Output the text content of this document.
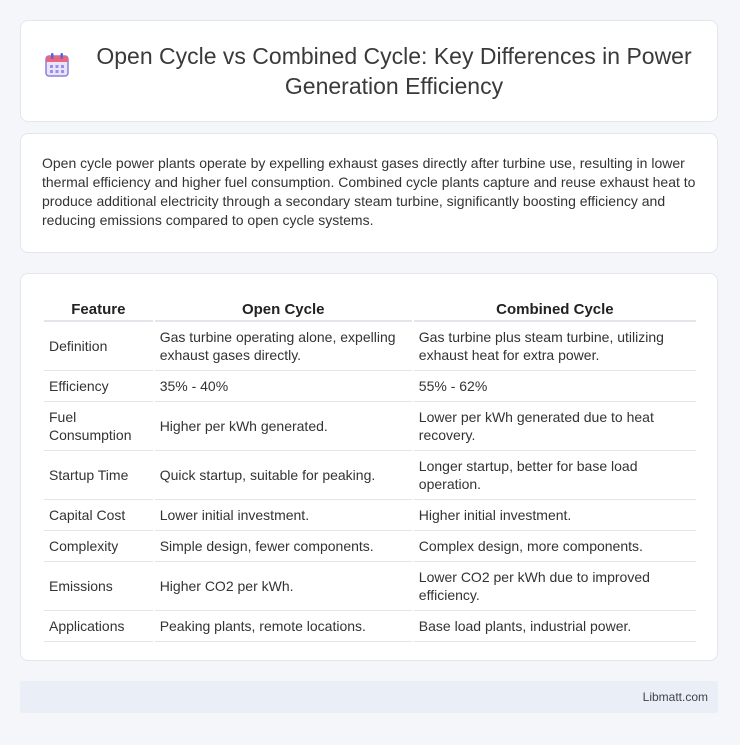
Open Cycle vs Combined Cycle: Key Differences in Power Generation Efficiency

Open cycle power plants operate by expelling exhaust gases directly after turbine use, resulting in lower thermal efficiency and higher fuel consumption. Combined cycle plants capture and reuse exhaust heat to produce additional electricity through a secondary steam turbine, significantly boosting efficiency and reducing emissions compared to open cycle systems.

Feature	Open Cycle	Combined Cycle
Definition	Gas turbine operating alone, expelling exhaust gases directly.	Gas turbine plus steam turbine, utilizing exhaust heat for extra power.
Efficiency	35% - 40%	55% - 62%
Fuel Consumption	Higher per kWh generated.	Lower per kWh generated due to heat recovery.
Startup Time	Quick startup, suitable for peaking.	Longer startup, better for base load operation.
Capital Cost	Lower initial investment.	Higher initial investment.
Complexity	Simple design, fewer components.	Complex design, more components.
Emissions	Higher CO2 per kWh.	Lower CO2 per kWh due to improved efficiency.
Applications	Peaking plants, remote locations.	Base load plants, industrial power.
Libmatt.com
